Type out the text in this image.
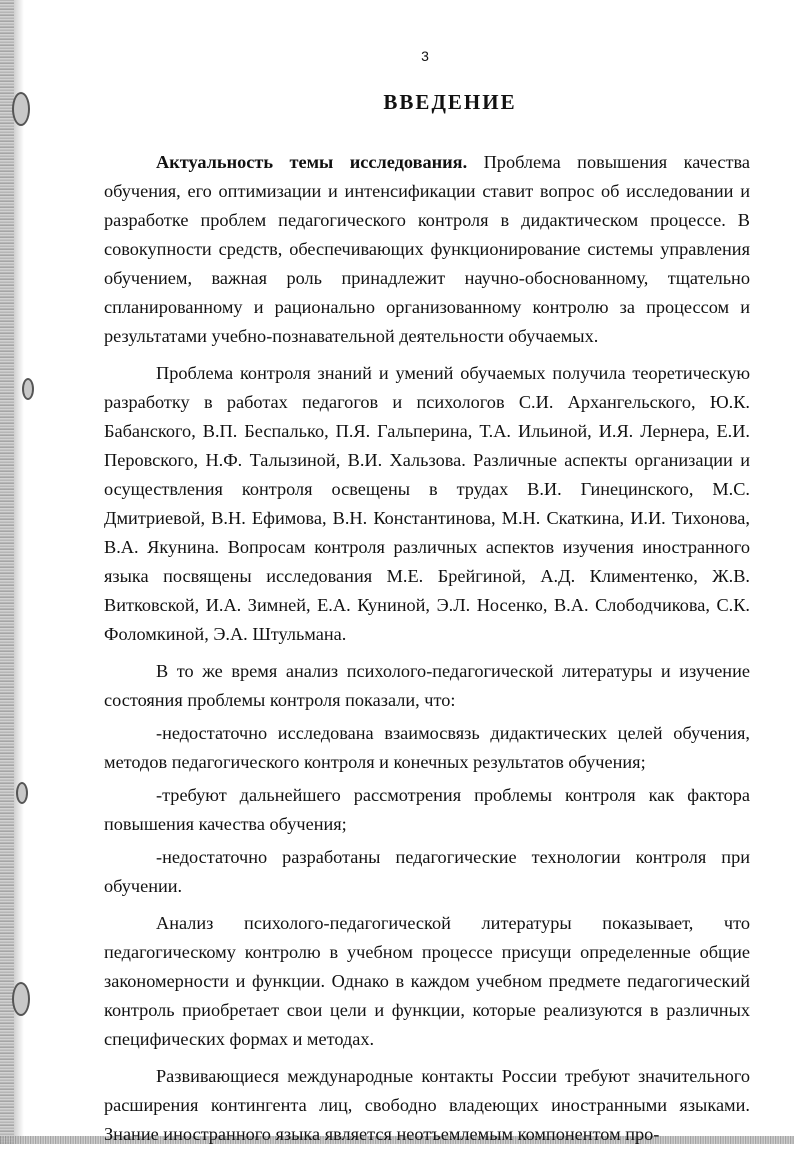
3
ВВЕДЕНИЕ

Актуальность темы исследования. Проблема повышения качества обучения, его оптимизации и интенсификации ставит вопрос об исследовании и разработке проблем педагогического контроля в дидактическом процессе. В совокупности средств, обеспечивающих функционирование системы управления обучением, важная роль принадлежит научно-обоснованному, тщательно спланированному и рационально организованному контролю за процессом и результатами учебно-познавательной деятельности обучаемых.

Проблема контроля знаний и умений обучаемых получила теоретическую разработку в работах педагогов и психологов С.И. Архангельского, Ю.К. Бабанского, В.П. Беспалько, П.Я. Гальперина, Т.А. Ильиной, И.Я. Лернера, Е.И. Перовского, Н.Ф. Талызиной, В.И. Хальзова. Различные аспекты организации и осуществления контроля освещены в трудах В.И. Гинецинского, М.С. Дмитриевой, В.Н. Ефимова, В.Н. Константинова, М.Н. Скаткина, И.И. Тихонова, В.А. Якунина. Вопросам контроля различных аспектов изучения иностранного языка посвящены исследования М.Е. Брейгиной, А.Д. Климентенко, Ж.В. Витковской, И.А. Зимней, Е.А. Куниной, Э.Л. Носенко, В.А. Слободчикова, С.К. Фоломкиной, Э.А. Штульмана.

В то же время анализ психолого-педагогической литературы и изучение состояния проблемы контроля показали, что:

-недостаточно исследована взаимосвязь дидактических целей обучения, методов педагогического контроля и конечных результатов обучения;

-требуют дальнейшего рассмотрения проблемы контроля как фактора повышения качества обучения;

-недостаточно разработаны педагогические технологии контроля при обучении.

Анализ психолого-педагогической литературы показывает, что педагогическому контролю в учебном процессе присущи определенные общие закономерности и функции. Однако в каждом учебном предмете педагогический контроль приобретает свои цели и функции, которые реализуются в различных специфических формах и методах.

Развивающиеся международные контакты России требуют значительного расширения контингента лиц, свободно владеющих иностранными языками. Знание иностранного языка является неотъемлемым компонентом про-
